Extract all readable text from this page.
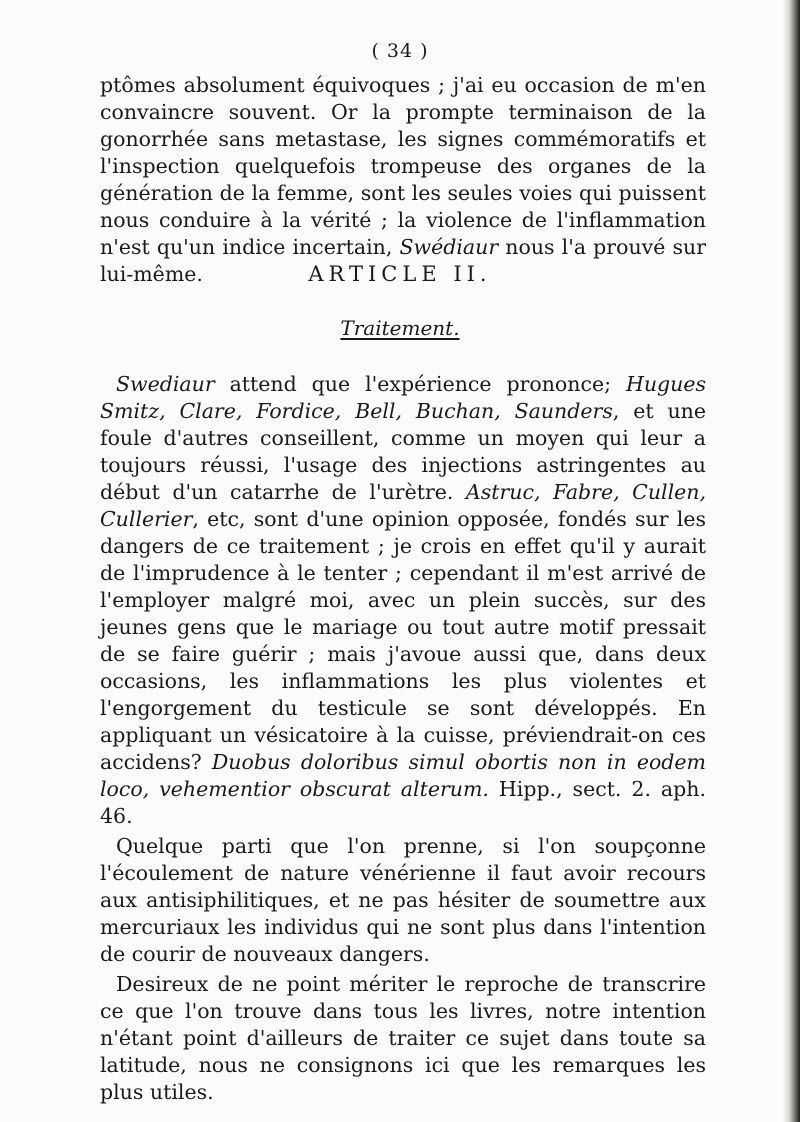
( 34 )

ptômes absolument équivoques ; j'ai eu occasion de m'en convaincre souvent. Or la prompte terminaison de la gonorrhée sans metastase, les signes commémoratifs et l'inspection quelquefois trompeuse des organes de la génération de la femme, sont les seules voies qui puissent nous conduire à la vérité ; la violence de l'inflammation n'est qu'un indice incertain, Swédiaur nous l'a prouvé sur lui-même.	ARTICLE II.
Traitement.

Swediaur attend que l'expérience prononce; Hugues Smitz, Clare, Fordice, Bell, Buchan, Saunders, et une foule d'autres conseillent, comme un moyen qui leur a toujours réussi, l'usage des injections astringentes au début d'un catarrhe de l'urètre. Astruc, Fabre, Cullen, Cullerier, etc, sont d'une opinion opposée, fondés sur les dangers de ce traitement ; je crois en effet qu'il y aurait de l'imprudence à le tenter ; cependant il m'est arrivé de l'employer malgré moi, avec un plein succès, sur des jeunes gens que le mariage ou tout autre motif pressait de se faire guérir ; mais j'avoue aussi que, dans deux occasions, les inflammations les plus violentes et l'engorgement du testicule se sont développés. En appliquant un vésicatoire à la cuisse, préviendrait-on ces accidens? Duobus doloribus simul obortis non in eodem loco, vehementior obscurat alterum. Hipp., sect. 2. aph. 46.

Quelque parti que l'on prenne, si l'on soupçonne l'écoulement de nature vénérienne il faut avoir recours aux antisiphilitiques, et ne pas hésiter de soumettre aux mercuriaux les individus qui ne sont plus dans l'intention de courir de nouveaux dangers.

Desireux de ne point mériter le reproche de transcrire ce que l'on trouve dans tous les livres, notre intention n'étant point d'ailleurs de traiter ce sujet dans toute sa latitude, nous ne consignons ici que les remarques les plus utiles.
